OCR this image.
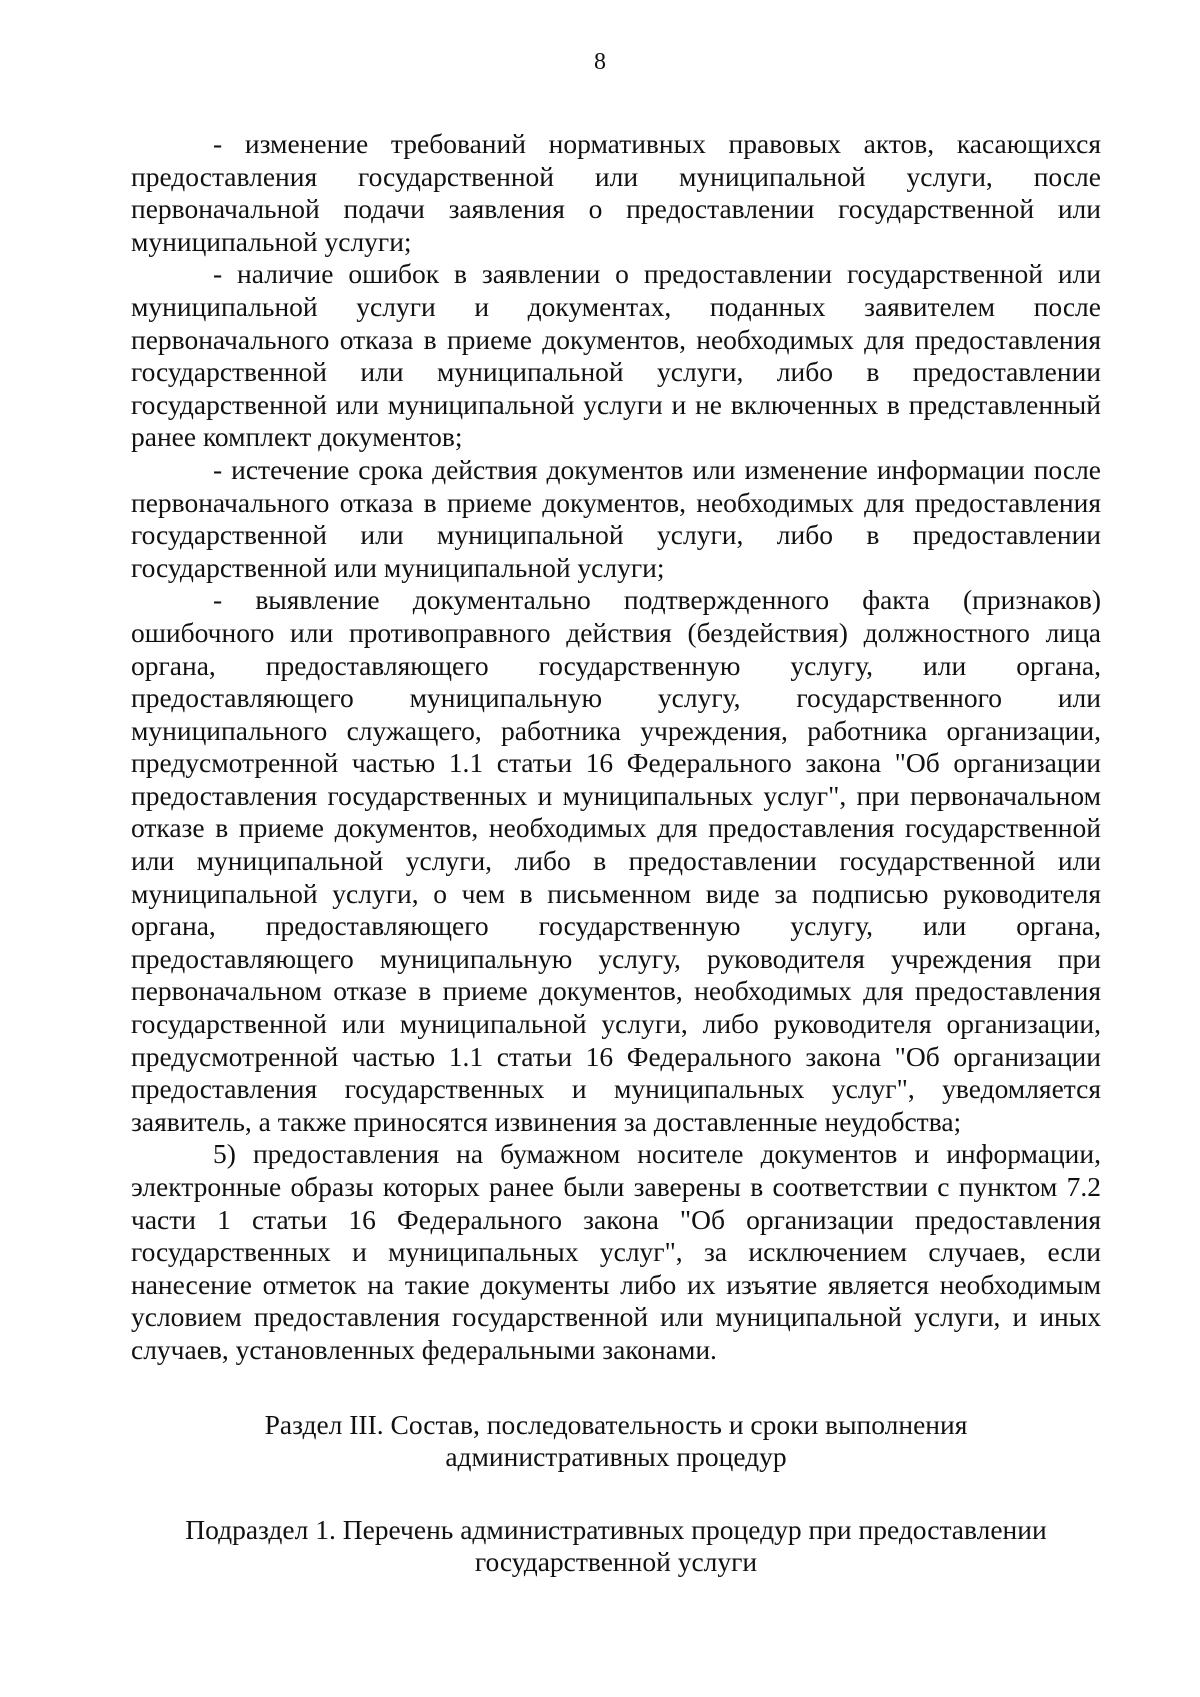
8

- изменение требований нормативных правовых актов, касающихся предоставления государственной или муниципальной услуги, после первоначальной подачи заявления о предоставлении государственной или муниципальной услуги;

- наличие ошибок в заявлении о предоставлении государственной или муниципальной услуги и документах, поданных заявителем после первоначального отказа в приеме документов, необходимых для предоставления государственной или муниципальной услуги, либо в предоставлении государственной или муниципальной услуги и не включенных в представленный ранее комплект документов;

- истечение срока действия документов или изменение информации после первоначального отказа в приеме документов, необходимых для предоставления государственной или муниципальной услуги, либо в предоставлении государственной или муниципальной услуги;

- выявление документально подтвержденного факта (признаков) ошибочного или противоправного действия (бездействия) должностного лица органа, предоставляющего государственную услугу, или органа, предоставляющего муниципальную услугу, государственного или муниципального служащего, работника учреждения, работника организации, предусмотренной частью 1.1 статьи 16 Федерального закона "Об организации предоставления государственных и муниципальных услуг", при первоначальном отказе в приеме документов, необходимых для предоставления государственной или муниципальной услуги, либо в предоставлении государственной или муниципальной услуги, о чем в письменном виде за подписью руководителя органа, предоставляющего государственную услугу, или органа, предоставляющего муниципальную услугу, руководителя учреждения при первоначальном отказе в приеме документов, необходимых для предоставления государственной или муниципальной услуги, либо руководителя организации, предусмотренной частью 1.1 статьи 16 Федерального закона "Об организации предоставления государственных и муниципальных услуг", уведомляется заявитель, а также приносятся извинения за доставленные неудобства;

5) предоставления на бумажном носителе документов и информации, электронные образы которых ранее были заверены в соответствии с пунктом 7.2 части 1 статьи 16 Федерального закона "Об организации предоставления государственных и муниципальных услуг", за исключением случаев, если нанесение отметок на такие документы либо их изъятие является необходимым условием предоставления государственной или муниципальной услуги, и иных случаев, установленных федеральными законами.

Раздел III. Состав, последовательность и сроки выполнения
административных процедур
Подраздел 1. Перечень административных процедур при предоставлении
государственной услуги
